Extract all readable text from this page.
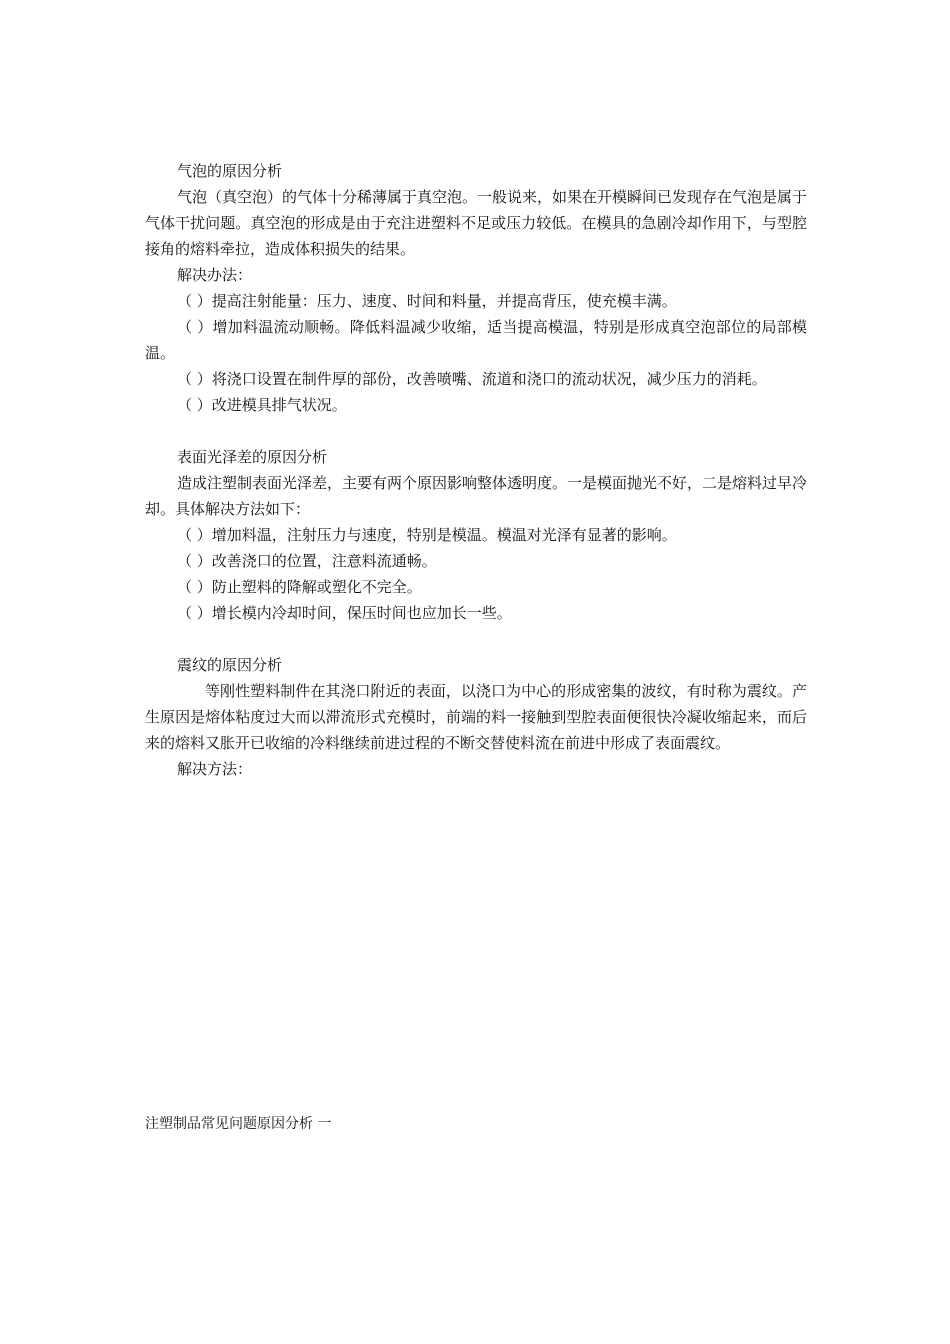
气泡的原因分析

气泡（真空泡）的气体十分稀薄属于真空泡。一般说来，如果在开模瞬间已发现存在气泡是属于气体干扰问题。真空泡的形成是由于充注进塑料不足或压力较低。在模具的急剧冷却作用下，与型腔接角的熔料牵拉，造成体积损失的结果。

解决办法：

（ ）提高注射能量：压力、速度、时间和料量，并提高背压，使充模丰满。

（ ）增加料温流动顺畅。降低料温减少收缩，适当提高模温，特别是形成真空泡部位的局部模温。

（ ）将浇口设置在制件厚的部份，改善喷嘴、流道和浇口的流动状况，减少压力的消耗。

（ ）改进模具排气状况。

表面光泽差的原因分析

造成注塑制表面光泽差，主要有两个原因影响整体透明度。一是模面抛光不好，二是熔料过早冷却。具体解决方法如下：

（ ）增加料温，注射压力与速度，特别是模温。模温对光泽有显著的影响。

（ ）改善浇口的位置，注意料流通畅。

（ ）防止塑料的降解或塑化不完全。

（ ）增长模内冷却时间，保压时间也应加长一些。

震纹的原因分析

等刚性塑料制件在其浇口附近的表面，以浇口为中心的形成密集的波纹，有时称为震纹。产生原因是熔体粘度过大而以滞流形式充模时，前端的料一接触到型腔表面便很快冷凝收缩起来，而后来的熔料又胀开已收缩的冷料继续前进过程的不断交替使料流在前进中形成了表面震纹。

解决方法：

注塑制品常见问题原因分析 一
